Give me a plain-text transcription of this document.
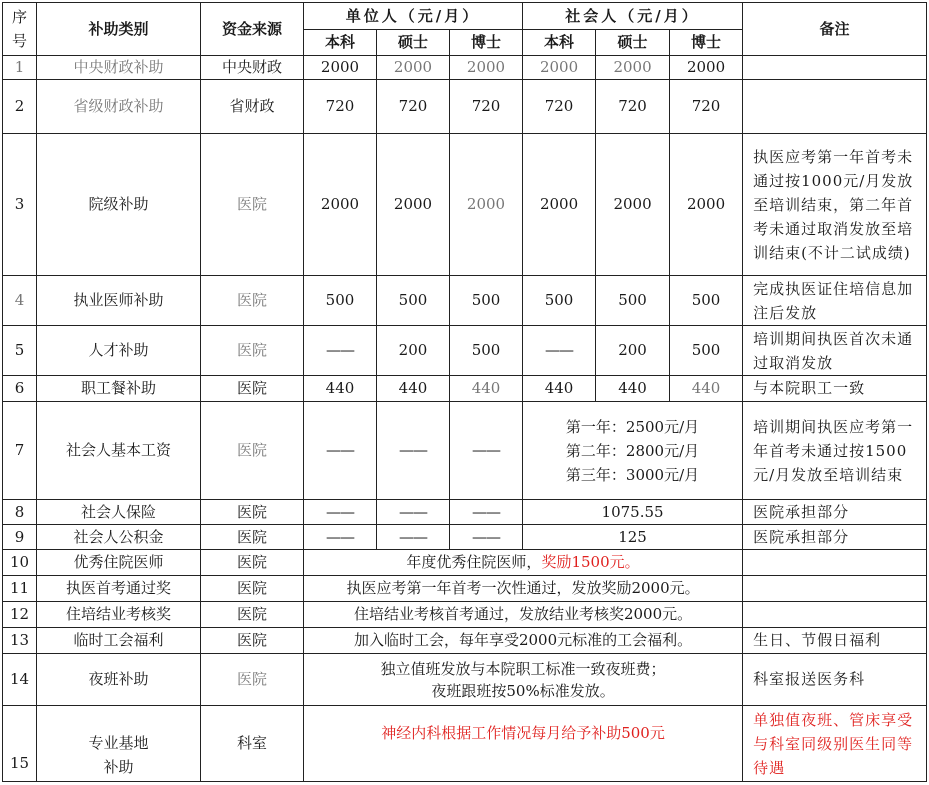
序号	补助类别	资金来源	单位人（元/月）			社会人（元/月）			备注
			本科	硕士	博士	本科	硕士	博士	
1	中央财政补助	中央财政	2000	2000	2000	2000	2000	2000	
2	省级财政补助	省财政	720	720	720	720	720	720	
3	院级补助	医院	2000	2000	2000	2000	2000	2000	执医应考第一年首考未通过按1000元/月发放至培训结束，第二年首考未通过取消发放至培训结束(不计二试成绩)
4	执业医师补助	医院	500	500	500	500	500	500	完成执医证住培信息加注后发放
5	人才补助	医院	——	200	500	——	200	500	培训期间执医首次未通过取消发放
6	职工餐补助	医院	440	440	440	440	440	440	与本院职工一致
7	社会人基本工资	医院	——	——	——	第一年：2500元/月
第二年：2800元/月
第三年：3000元/月			培训期间执医应考第一年首考未通过按1500元/月发放至培训结束
8	社会人保险	医院	——	——	——	1075.55			医院承担部分
9	社会人公积金	医院	——	——	——	125			医院承担部分
10	优秀住院医师	医院	年度优秀住院医师，奖励1500元。						
11	执医首考通过奖	医院	执医应考第一年首考一次性通过，发放奖励2000元。						
12	住培结业考核奖	医院	住培结业考核首考通过，发放结业考核奖2000元。						
13	临时工会福利	医院	加入临时工会，每年享受2000元标准的工会福利。						生日、节假日福利
14	夜班补助	医院	独立值班发放与本院职工标准一致夜班费；
夜班跟班按50%标准发放。						科室报送医务科
15	专业基地
补助	科室	神经内科根据工作情况每月给予补助500元						单独值夜班、管床享受与科室同级别医生同等待遇
